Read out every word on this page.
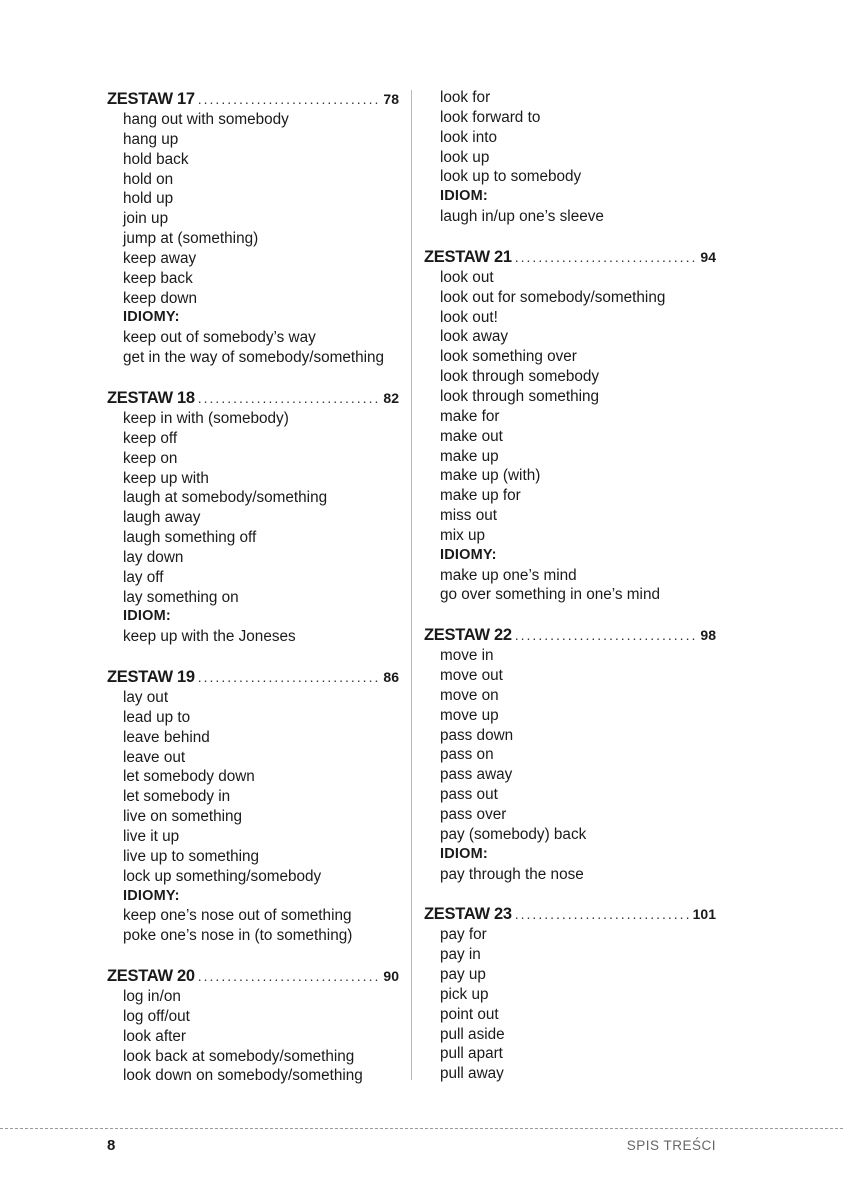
ZESTAW 17 .....	78
hang out with somebody
hang up
hold back
hold on
hold up
join up
jump at (something)
keep away
keep back
keep down
IDIOMY:
keep out of somebody’s way
get in the way of somebody/something
ZESTAW 18 .....	82
keep in with (somebody)
keep off
keep on
keep up with
laugh at somebody/something
laugh away
laugh something off
lay down
lay off
lay something on
IDIOM:
keep up with the Joneses
ZESTAW 19 .....	86
lay out
lead up to
leave behind
leave out
let somebody down
let somebody in
live on something
live it up
live up to something
lock up something/somebody
IDIOMY:
keep one’s nose out of something
poke one’s nose in (to something)
ZESTAW 20 .....	90
log in/on
log off/out
look after
look back at somebody/something
look down on somebody/something
look for
look forward to
look into
look up
look up to somebody
IDIOM:
laugh in/up one’s sleeve
ZESTAW 21 .....	94
look out
look out for somebody/something
look out!
look away
look something over
look through somebody
look through something
make for
make out
make up
make up (with)
make up for
miss out
mix up
IDIOMY:
make up one’s mind
go over something in one’s mind
ZESTAW 22 .....	98
move in
move out
move on
move up
pass down
pass on
pass away
pass out
pass over
pay (somebody) back
IDIOM:
pay through the nose
ZESTAW 23 .....	101
pay for
pay in
pay up
pick up
point out
pull aside
pull apart
pull away
8	SPIS TREŚCI
